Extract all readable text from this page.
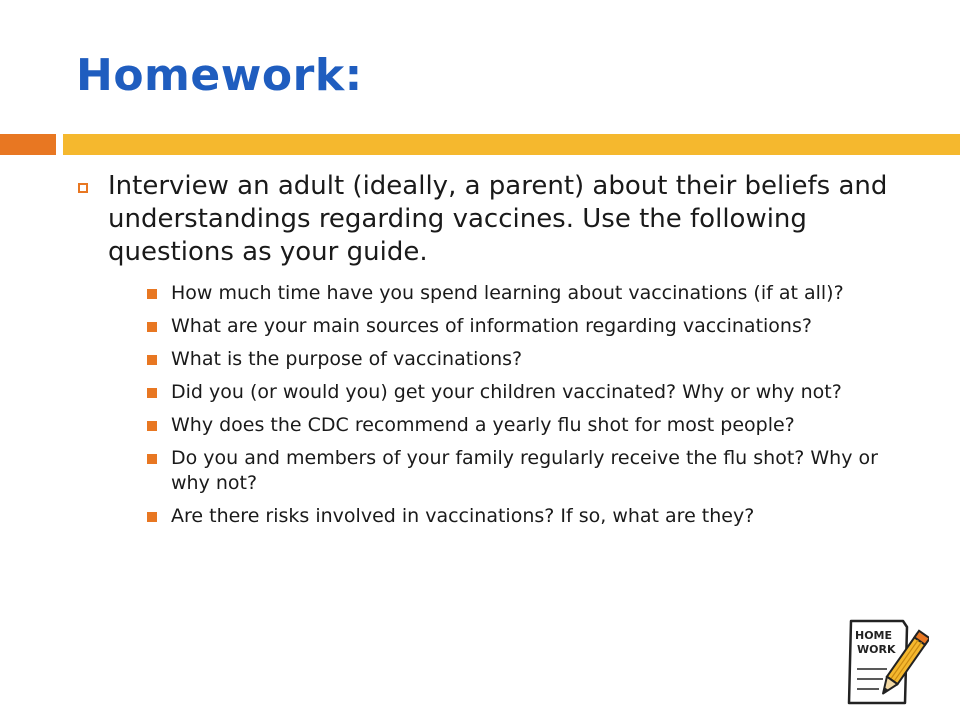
Homework:
Interview an adult (ideally, a parent) about their beliefs and understandings regarding vaccines. Use the following questions as your guide.
How much time have you spend learning about vaccinations (if at all)?
What are your main sources of information regarding vaccinations?
What is the purpose of vaccinations?
Did you (or would you) get your children vaccinated? Why or why not?
Why does the CDC recommend a yearly flu shot for most people?
Do you and members of your family regularly receive the flu shot? Why or why not?
Are there risks involved in vaccinations? If so, what are they?
HOME
WORK
